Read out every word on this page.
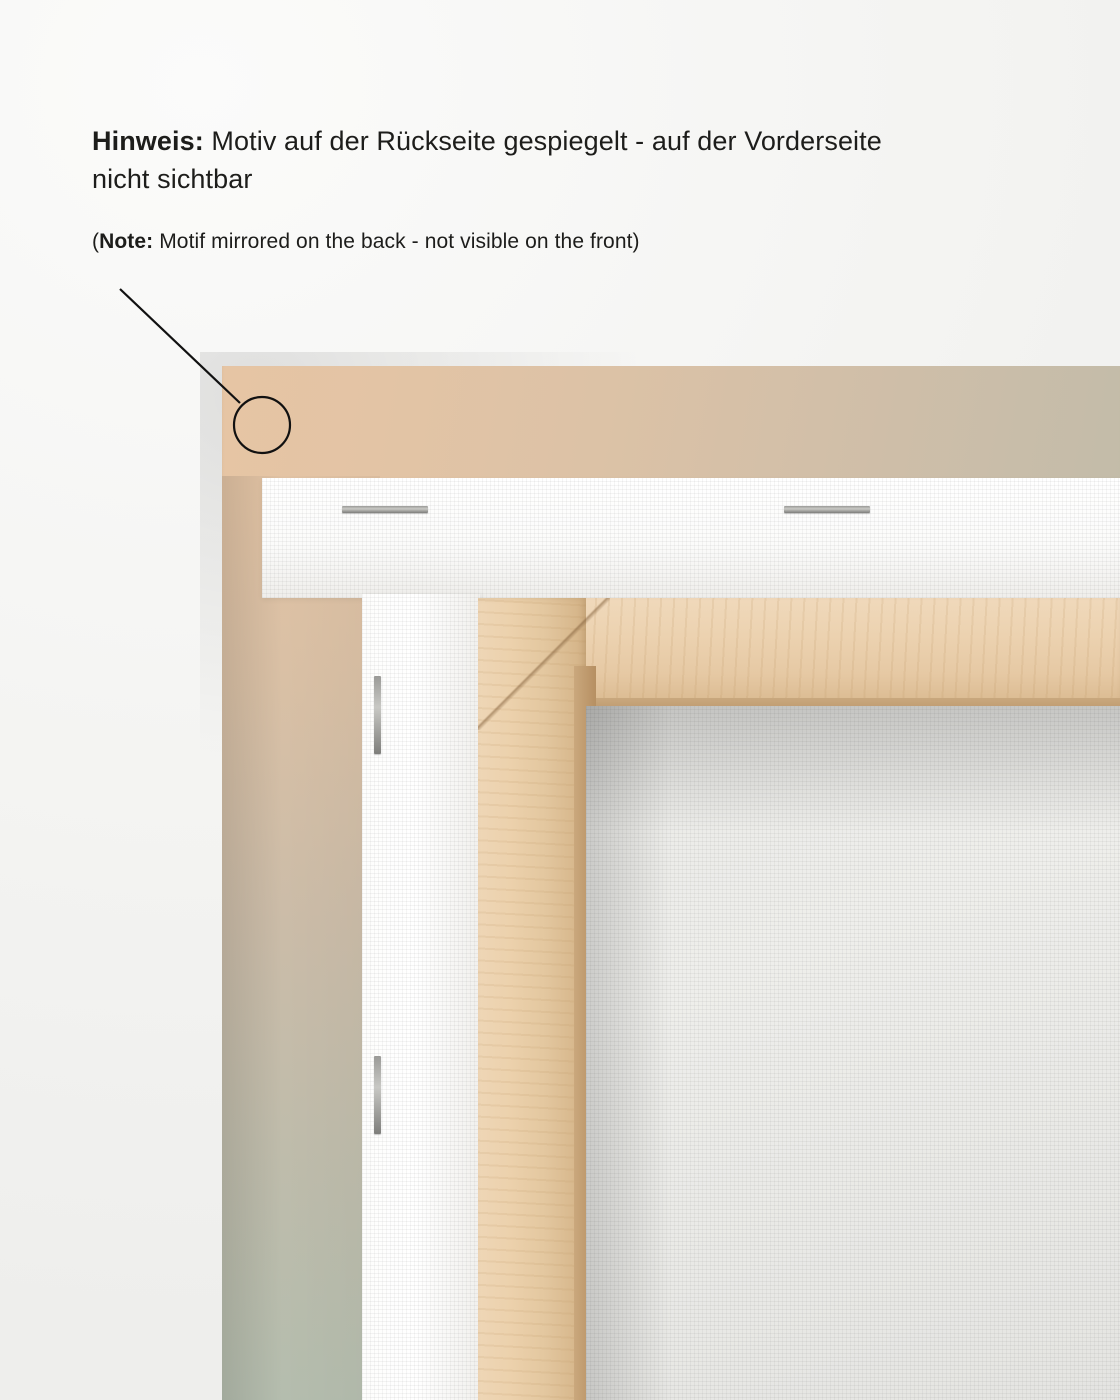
Hinweis: Motiv auf der Rückseite gespiegelt - auf der Vorderseite nicht sichtbar
(Note: Motif mirrored on the back - not visible on the front)
